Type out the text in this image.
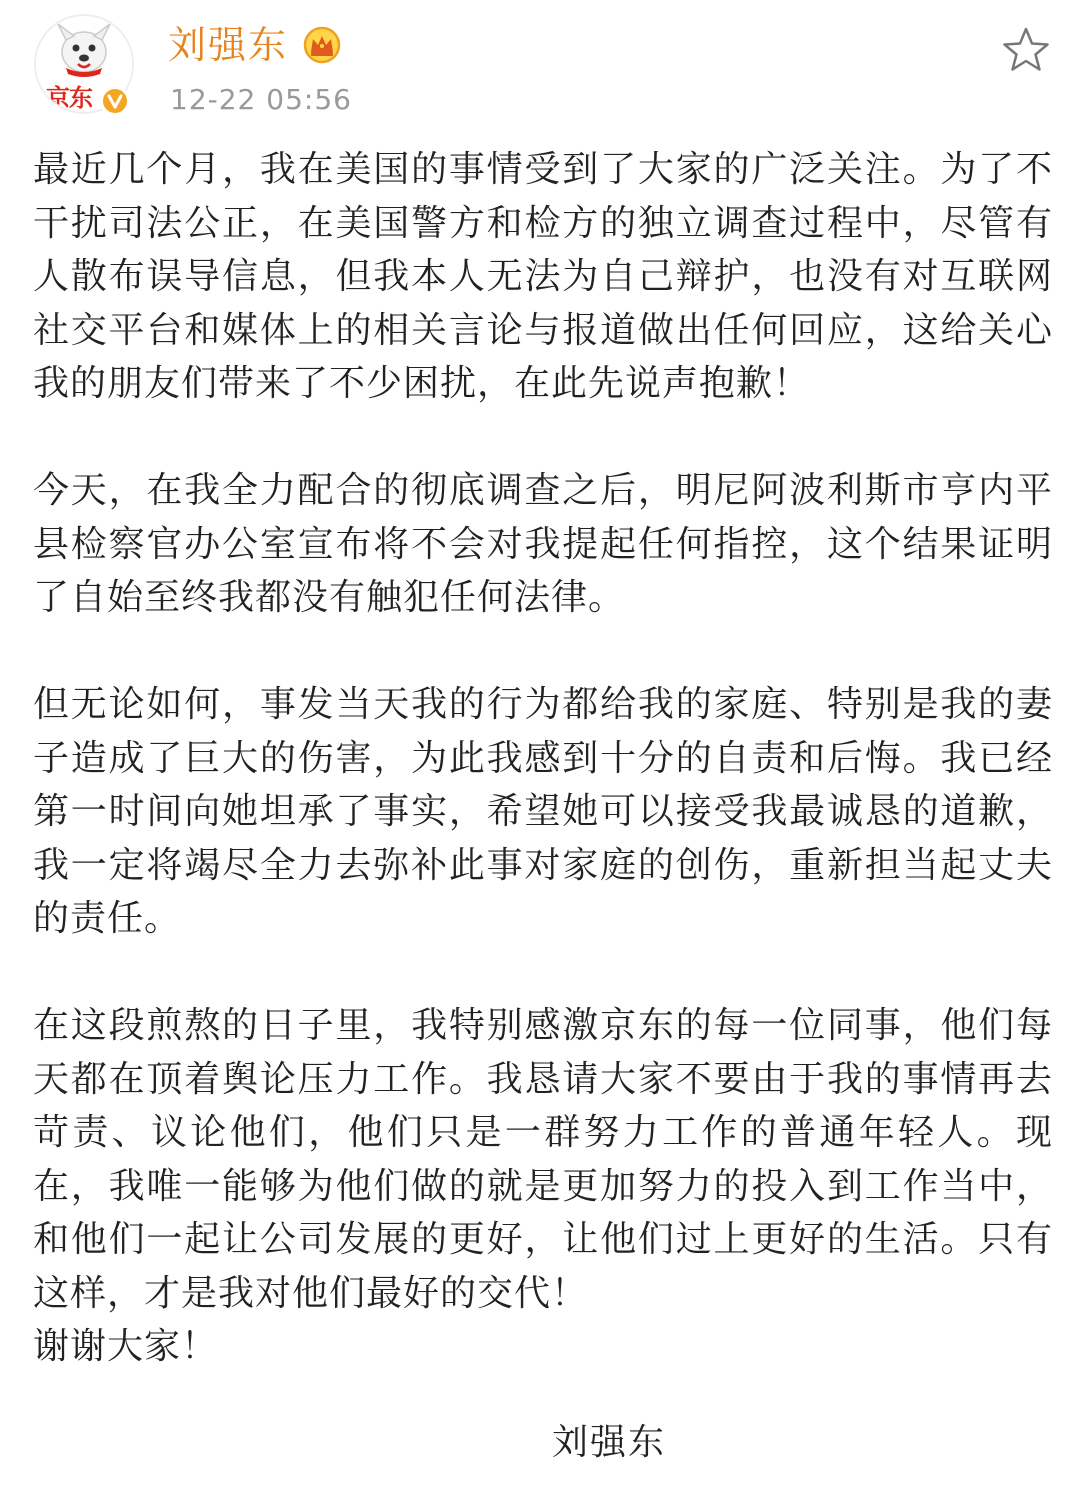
京东
刘强东
12-22 05:56

最近几个月，我在美国的事情受到了大家的广泛关注。为了不干扰司法公正，在美国警方和检方的独立调查过程中，尽管有人散布误导信息，但我本人无法为自己辩护，也没有对互联网社交平台和媒体上的相关言论与报道做出任何回应，这给关心我的朋友们带来了不少困扰，在此先说声抱歉！

今天，在我全力配合的彻底调查之后，明尼阿波利斯市亨内平县检察官办公室宣布将不会对我提起任何指控，这个结果证明了自始至终我都没有触犯任何法律。

但无论如何，事发当天我的行为都给我的家庭、特别是我的妻子造成了巨大的伤害，为此我感到十分的自责和后悔。我已经第一时间向她坦承了事实，希望她可以接受我最诚恳的道歉，我一定将竭尽全力去弥补此事对家庭的创伤，重新担当起丈夫的责任。

在这段煎熬的日子里，我特别感激京东的每一位同事，他们每天都在顶着舆论压力工作。我恳请大家不要由于我的事情再去苛责、议论他们，他们只是一群努力工作的普通年轻人。现在，我唯一能够为他们做的就是更加努力的投入到工作当中，和他们一起让公司发展的更好，让他们过上更好的生活。只有这样，才是我对他们最好的交代！

谢谢大家！

刘强东
